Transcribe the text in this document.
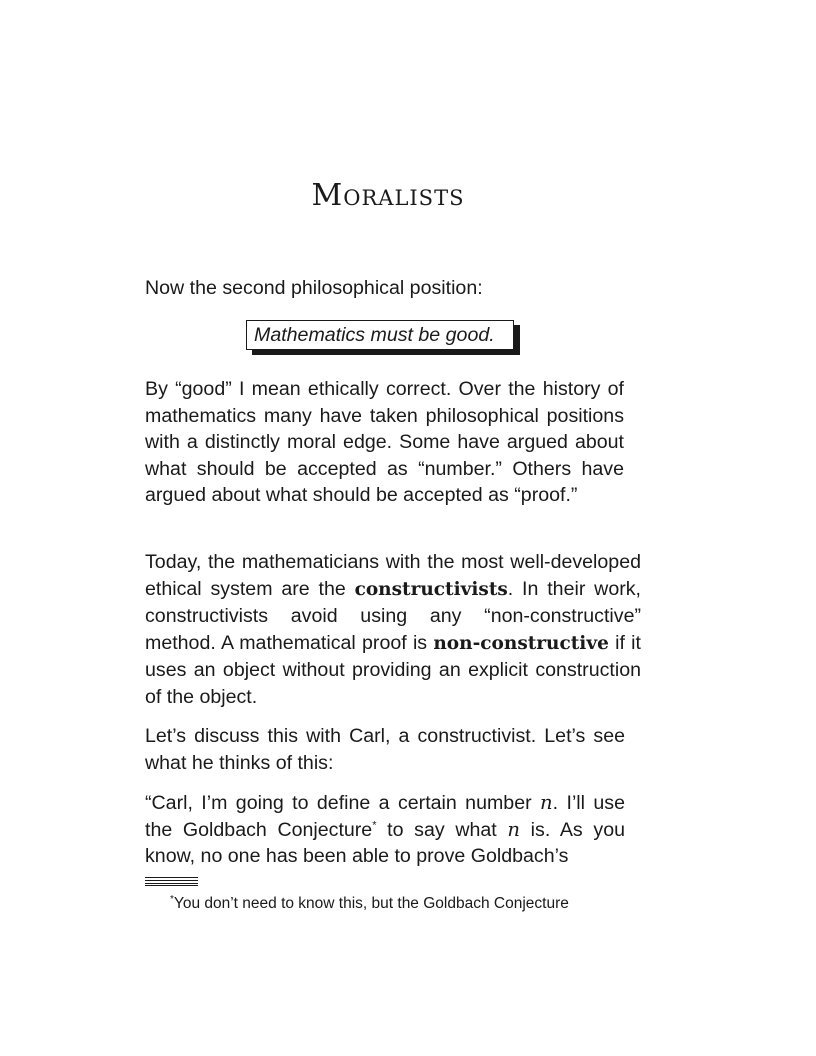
Moralists

Now the second philosophical position:

Mathematics must be good.

By “good” I mean ethically correct. Over the history of mathematics many have taken philosophical positions with a distinctly moral edge. Some have argued about what should be accepted as “number.” Others have argued about what should be accepted as “proof.”

Today, the mathematicians with the most well-developed ethical system are the constructivists. In their work, constructivists avoid using any “non-constructive” method. A mathematical proof is non-constructive if it uses an object without providing an explicit construction of the object.

Let’s discuss this with Carl, a constructivist. Let’s see what he thinks of this:

“Carl, I’m going to define a certain number n. I’ll use the Goldbach Conjecture* to say what n is. As you know, no one has been able to prove Goldbach’s

*You don’t need to know this, but the Goldbach Conjecture
